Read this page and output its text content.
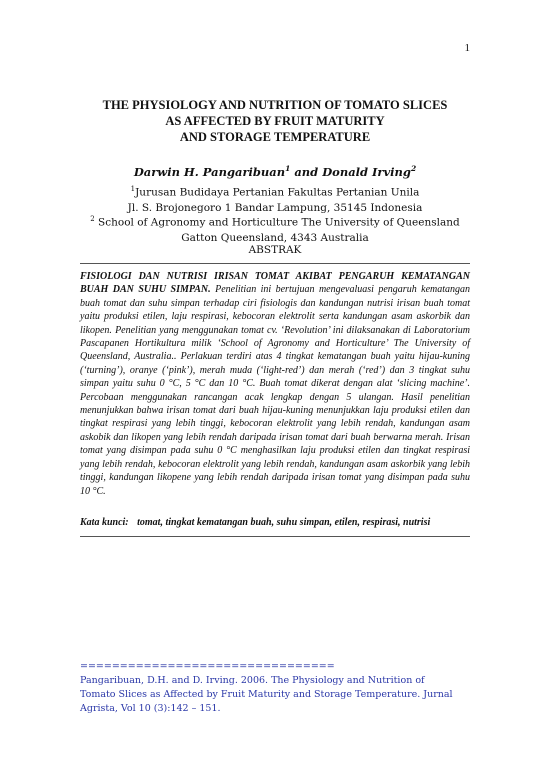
1
THE PHYSIOLOGY AND NUTRITION OF TOMATO SLICES
AS AFFECTED BY FRUIT MATURITY
AND STORAGE TEMPERATURE
Darwin H. Pangaribuan$^1$ and Donald Irving$^2$
$^1$Jurusan Budidaya Pertanian Fakultas Pertanian Unila
Jl. S. Brojonegoro 1 Bandar Lampung, 35145 Indonesia
$^2$ School of Agronomy and Horticulture The University of Queensland
Gatton Queensland, 4343 Australia
ABSTRAK

FISIOLOGI DAN NUTRISI IRISAN TOMAT AKIBAT PENGARUH KEMATANGAN BUAH DAN SUHU SIMPAN. Penelitian ini bertujuan mengevaluasi pengaruh kematangan buah tomat dan suhu simpan terhadap ciri fisiologis dan kandungan nutrisi irisan buah tomat yaitu produksi etilen, laju respirasi, kebocoran elektrolit serta kandungan asam askorbik dan likopen. Penelitian yang menggunakan tomat cv. ‘Revolution’ ini dilaksanakan di Laboratorium Pascapanen Hortikultura milik ‘School of Agronomy and Horticulture’ The University of Queensland, Australia.. Perlakuan terdiri atas 4 tingkat kematangan buah yaitu hijau-kuning (‘turning’), oranye (‘pink’), merah muda (‘light-red’) dan merah (‘red’) dan 3 tingkat suhu simpan yaitu suhu 0 °C, 5 °C dan 10 °C. Buah tomat dikerat dengan alat ‘slicing machine’. Percobaan menggunakan rancangan acak lengkap dengan 5 ulangan. Hasil penelitian menunjukkan bahwa irisan tomat dari buah hijau-kuning menunjukkan laju produksi etilen dan tingkat respirasi yang lebih tinggi, kebocoran elektrolit yang lebih rendah, kandungan asam askobik dan likopen yang lebih rendah daripada irisan tomat dari buah berwarna merah. Irisan tomat yang disimpan pada suhu 0 °C menghasilkan laju produksi etilen dan tingkat respirasi yang lebih rendah, kebocoran elektrolit yang lebih rendah, kandungan asam askorbik yang lebih tinggi, kandungan likopene yang lebih rendah daripada irisan tomat yang disimpan pada suhu 10 °C.

Kata kunci: tomat, tingkat kematangan buah, suhu simpan, etilen, respirasi, nutrisi
================================
Pangaribuan, D.H. and D. Irving. 2006. The Physiology and Nutrition of Tomato Slices as Affected by Fruit Maturity and Storage Temperature. Jurnal Agrista, Vol 10 (3):142 – 151.
